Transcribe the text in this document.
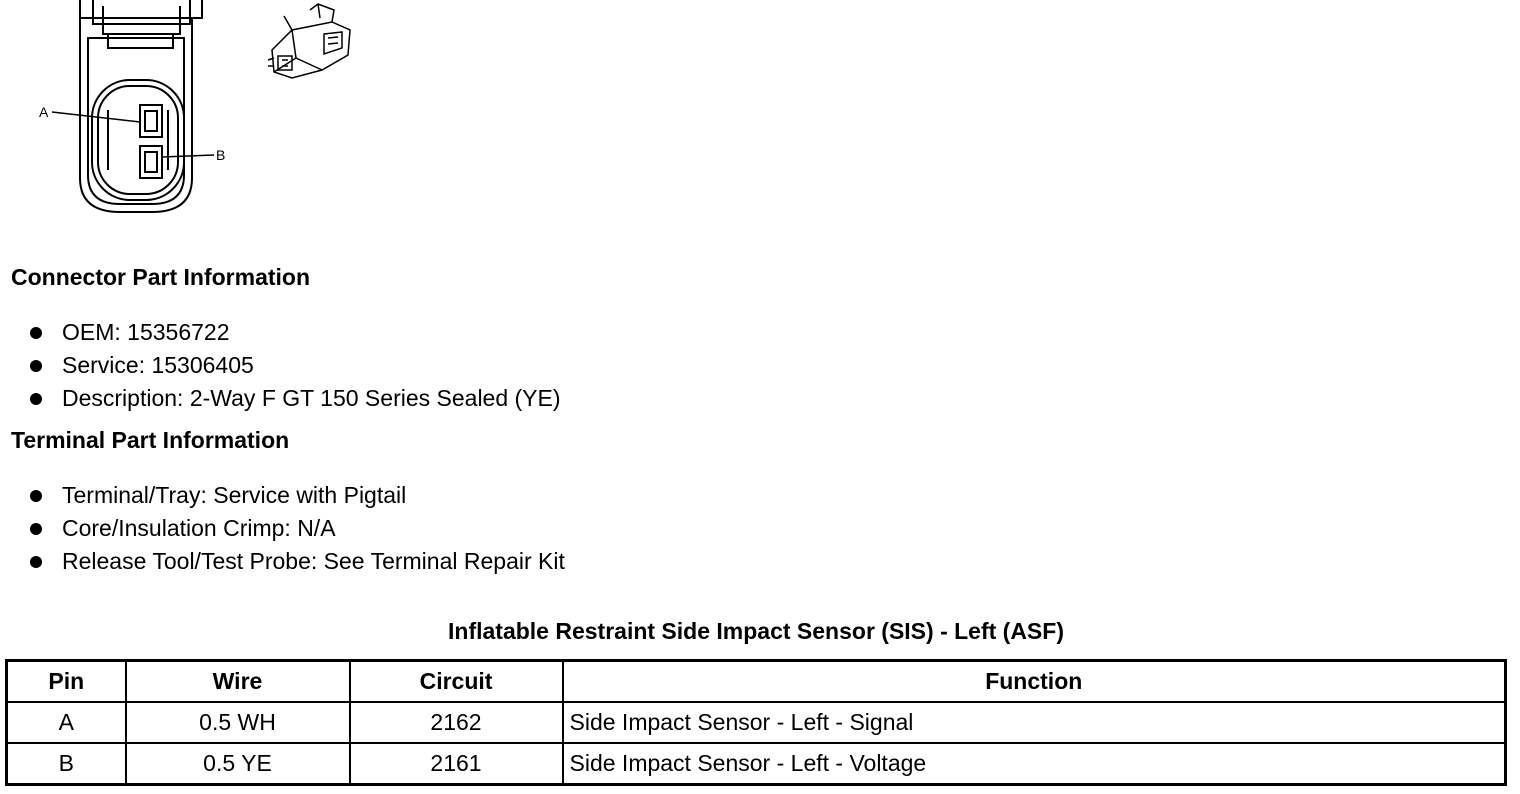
A
B
Connector Part Information
OEM: 15356722
Service: 15306405
Description: 2-Way F GT 150 Series Sealed (YE)
Terminal Part Information
Terminal/Tray: Service with Pigtail
Core/Insulation Crimp: N/A
Release Tool/Test Probe: See Terminal Repair Kit
Inflatable Restraint Side Impact Sensor (SIS) - Left (ASF)
Pin	Wire	Circuit	Function
A	0.5 WH	2162	Side Impact Sensor - Left - Signal
B	0.5 YE	2161	Side Impact Sensor - Left - Voltage
